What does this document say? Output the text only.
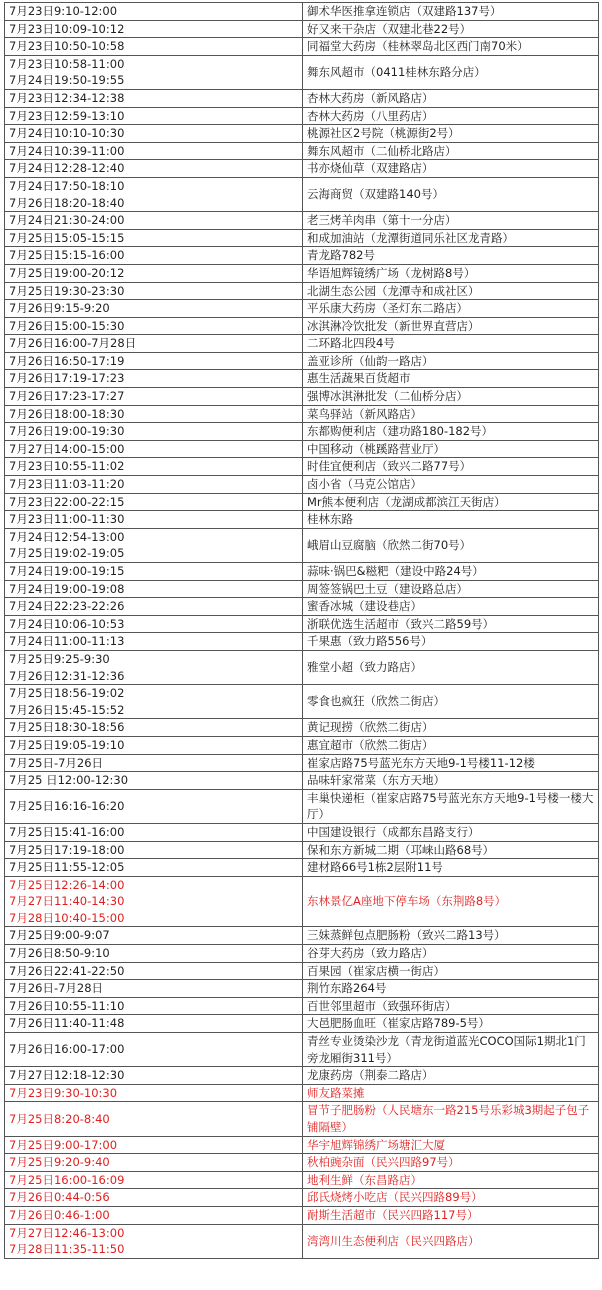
7月23日9:10-12:00	御术华医推拿连锁店（双建路137号）

7月23日10:09-10:12	好又来干杂店（双建北巷22号）

7月23日10:50-10:58	同福堂大药房（桂林翠岛北区西门南70米）

7月23日10:58-11:00
7月24日19:50-19:55	舞东风超市（0411桂林东路分店）

7月23日12:34-12:38	杏林大药房（新风路店）

7月23日12:59-13:10	杏林大药房（八里药店）

7月24日10:10-10:30	桃源社区2号院（桃源街2号）

7月24日10:39-11:00	舞东风超市（二仙桥北路店）

7月24日12:28-12:40	书亦烧仙草（双建路店）

7月24日17:50-18:10
7月26日18:20-18:40	云海商贸（双建路140号）

7月24日21:30-24:00	老三烤羊肉串（第十一分店）

7月25日15:05-15:15	和成加油站（龙潭街道同乐社区龙青路）

7月25日15:15-16:00	青龙路782号

7月25日19:00-20:12	华语旭辉镜绣广场（龙树路8号）

7月25日19:30-23:30	北湖生态公园（龙潭寺和成社区）

7月26日9:15-9:20	平乐康大药房（圣灯东二路店）

7月26日15:00-15:30	冰淇淋冷饮批发（新世界直营店）

7月26日16:00-7月28日	二环路北四段4号

7月26日16:50-17:19	盖亚诊所（仙韵一路店）

7月26日17:19-17:23	惠生活蔬果百货超市

7月26日17:23-17:27	强博冰淇淋批发（二仙桥分店）

7月26日18:00-18:30	菜鸟驿站（新风路店）

7月26日19:00-19:30	东都购便利店（建功路180-182号）

7月27日14:00-15:00	中国移动（桃蹊路营业厅）

7月23日10:55-11:02	时佳宜便利店（致兴二路77号）

7月23日11:03-11:20	卤小省（马克公馆店）

7月23日22:00-22:15	Mr熊本便利店（龙湖成都滨江天街店）

7月23日11:00-11:30	桂林东路

7月24日12:54-13:00
7月25日19:02-19:05	峨眉山豆腐脑（欣然二街70号）

7月24日19:00-19:15	蒜味·锅巴&糍粑（建设中路24号）

7月24日19:00-19:08	周签签锅巴土豆（建设路总店）

7月24日22:23-22:26	蜜香冰城（建设巷店）

7月24日10:06-10:53	浙联优选生活超市（致兴二路59号）

7月24日11:00-11:13	千果惠（致力路556号）

7月25日9:25-9:30
7月26日12:31-12:36	雅堂小超（致力路店）

7月25日18:56-19:02
7月26日15:45-15:52	零食也疯狂（欣然二街店）

7月25日18:30-18:56	黄记现捞（欣然二街店）

7月25日19:05-19:10	惠宜超市（欣然二街店）

7月25日-7月26日	崔家店路75号蓝光东方天地9-1号楼11-12楼

7月25 日12:00-12:30	品味轩家常菜（东方天地）

7月25日16:16-16:20	丰巢快递柜（崔家店路75号蓝光东方天地9-1号楼一楼大厅）

7月25日15:41-16:00	中国建设银行（成都东昌路支行）

7月25日17:19-18:00	保和东方新城二期（邛崃山路68号）

7月25日11:55-12:05	建材路66号1栋2层附11号

7月25日12:26-14:00
7月27日11:40-14:30
7月28日10:40-15:00	东林景亿A座地下停车场（东荆路8号）

7月25日9:00-9:07	三妹蒸鲜包点肥肠粉（致兴二路13号）

7月26日8:50-9:10	谷芽大药房（致力路店）

7月26日22:41-22:50	百果园（崔家店横一街店）

7月26日-7月28日	荆竹东路264号

7月26日10:55-11:10	百世邻里超市（致强环街店）

7月26日11:40-11:48	大邑肥肠血旺（崔家店路789-5号）

7月26日16:00-17:00	青丝专业烫染沙龙（青龙街道蓝光COCO国际1期北1门旁龙厢街311号）

7月27日12:18-12:30	龙康药房（荆泰二路店）

7月23日9:30-10:30	师友路菜摊

7月25日8:20-8:40	冒节子肥肠粉（人民塘东一路215号乐彩城3期起子包子铺隔壁）

7月25日9:00-17:00	华宇旭辉锦绣广场塘汇大厦

7月25日9:20-9:40	秋柏豌杂面（民兴四路97号）

7月25日16:00-16:09	地利生鲜（东昌路店）

7月26日0:44-0:56	邱氏烧烤小吃店（民兴四路89号）

7月26日0:46-1:00	耐斯生活超市（民兴四路117号）

7月27日12:46-13:00
7月28日11:35-11:50	湾湾川生态便利店（民兴四路店）
